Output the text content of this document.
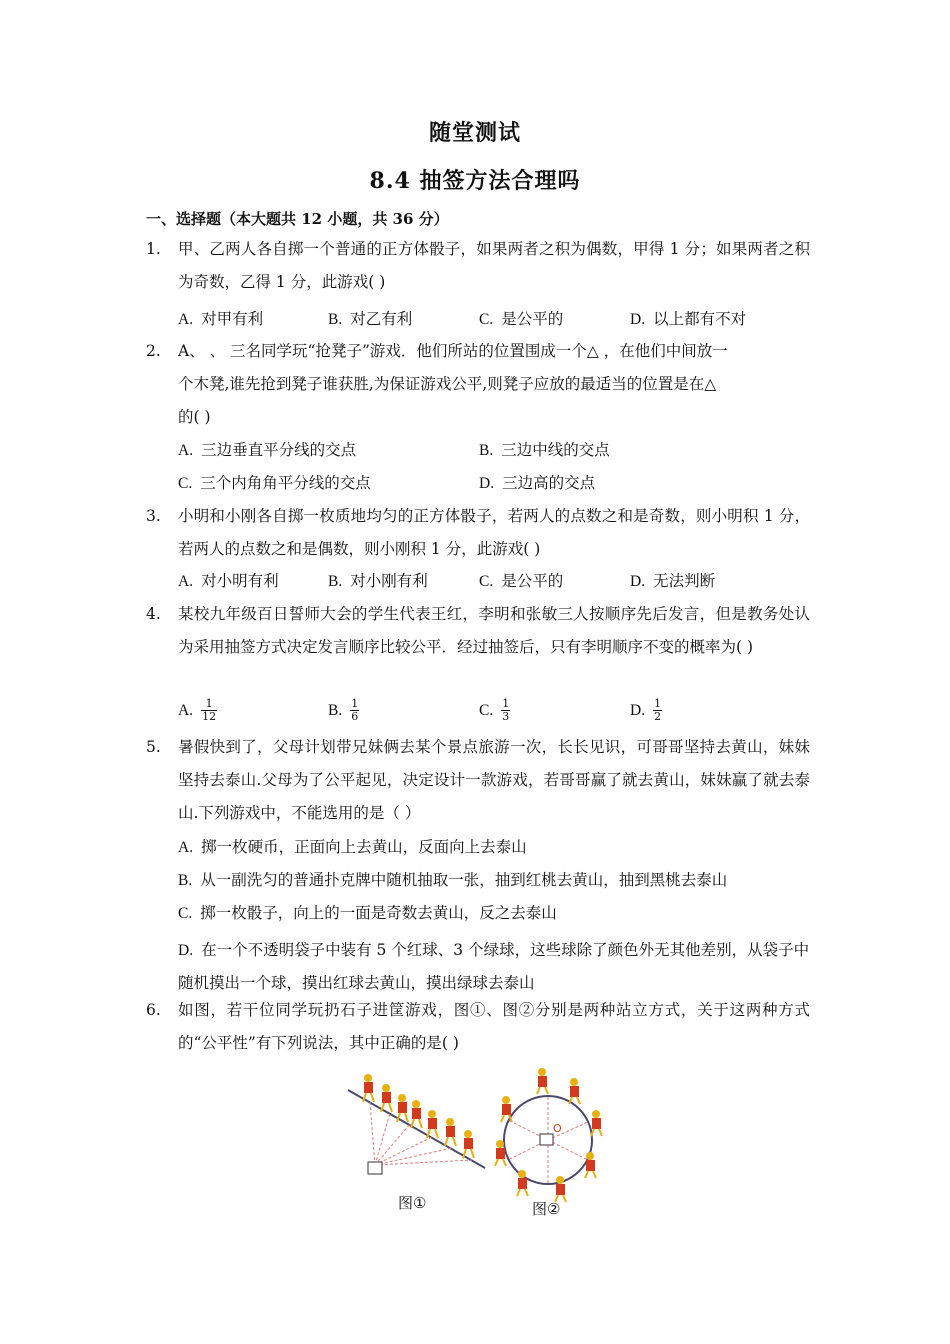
随堂测试
8.4 抽签方法合理吗
一、选择题（本大题共 12 小题，共 36 分）
1.	甲、乙两人各自掷一个普通的正方体骰子，如果两者之积为偶数，甲得 1 分；如果两者之积为奇数，乙得 1 分，此游戏( )
A. 对甲有利	B. 对乙有利	C. 是公平的	D. 以上都有不对
2.	A、 、 三名同学玩“抢凳子”游戏．他们所站的位置围成一个△ ，在他们中间放一
个木凳,谁先抢到凳子谁获胜,为保证游戏公平,则凳子应放的最适当的位置是在△
的( )
A. 三边垂直平分线的交点	B. 三边中线的交点
C. 三个内角角平分线的交点	D. 三边高的交点
3.	小明和小刚各自掷一枚质地均匀的正方体骰子，若两人的点数之和是奇数，则小明积 1 分，若两人的点数之和是偶数，则小刚积 1 分，此游戏( )
A. 对小明有利	B. 对小刚有利	C. 是公平的	D. 无法判断
4.	某校九年级百日誓师大会的学生代表王红，李明和张敏三人按顺序先后发言，但是教务处认为采用抽签方式决定发言顺序比较公平．经过抽签后，只有李明顺序不变的概率为( )
A. $\frac{1}{12}$	B. $\frac{1}{6}$	C. $\frac{1}{3}$	D. $\frac{1}{2}$
5.	暑假快到了，父母计划带兄妹俩去某个景点旅游一次，长长见识，可哥哥坚持去黄山，妹妹坚持去泰山.父母为了公平起见，决定设计一款游戏，若哥哥赢了就去黄山，妹妹赢了就去泰山.下列游戏中，不能选用的是（ ）
A. 掷一枚硬币，正面向上去黄山，反面向上去泰山
B. 从一副洗匀的普通扑克牌中随机抽取一张，抽到红桃去黄山，抽到黑桃去泰山
C. 掷一枚骰子，向上的一面是奇数去黄山，反之去泰山
D. 在一个不透明袋子中装有 5 个红球、3 个绿球，这些球除了颜色外无其他差别，从袋子中随机摸出一个球，摸出红球去黄山，摸出绿球去泰山
6.	如图，若干位同学玩扔石子进筐游戏，图①、图②分别是两种站立方式，关于这两种方式的“公平性”有下列说法，其中正确的是( )
O
图①	图②
